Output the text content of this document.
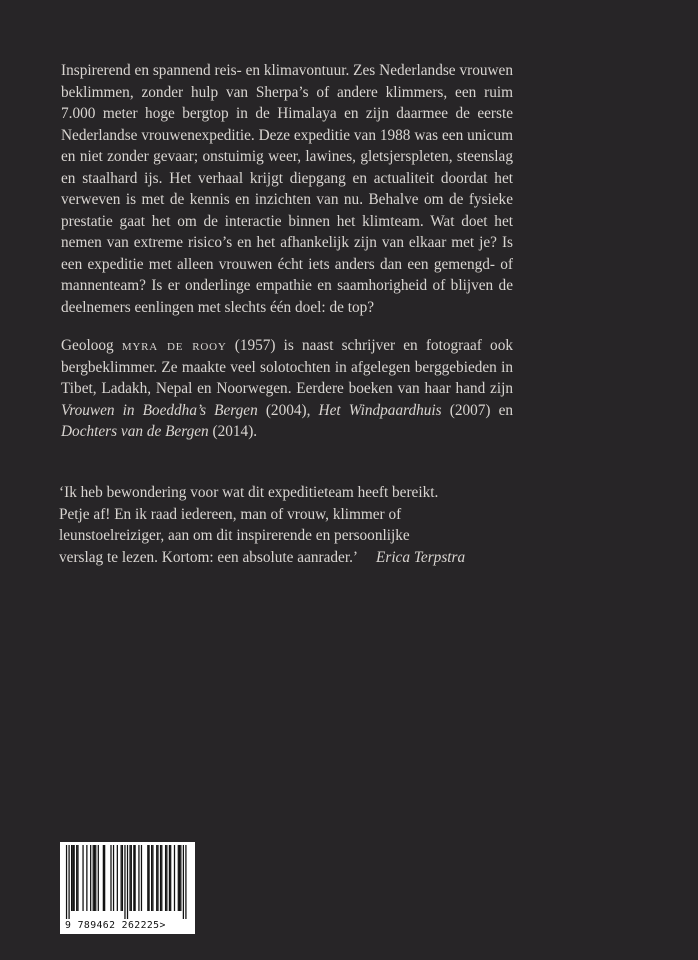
Inspirerend en spannend reis- en klimavontuur. Zes Nederlandse vrouwen beklimmen, zonder hulp van Sherpa’s of andere klimmers, een ruim 7.000 meter hoge bergtop in de Himalaya en zijn daarmee de eerste Nederlandse vrouwenexpeditie. Deze expeditie van 1988 was een unicum en niet zonder gevaar; onstuimig weer, lawines, gletsjerspleten, steenslag en staalhard ijs. Het verhaal krijgt diepgang en actualiteit doordat het verweven is met de kennis en inzichten van nu. Behalve om de fysieke prestatie gaat het om de interactie binnen het klimteam. Wat doet het nemen van extreme risico’s en het afhankelijk zijn van elkaar met je? Is een expeditie met alleen vrouwen écht iets anders dan een gemengd- of mannenteam? Is er onderlinge empathie en saamhorigheid of blijven de deelnemers eenlingen met slechts één doel: de top?

Geoloog myra de rooy (1957) is naast schrijver en fotograaf ook bergbeklimmer. Ze maakte veel solotochten in afgelegen berggebieden in Tibet, Ladakh, Nepal en Noorwegen. Eerdere boeken van haar hand zijn Vrouwen in Boeddha’s Bergen (2004), Het Windpaardhuis (2007) en Dochters van de Bergen (2014).

‘Ik heb bewondering voor wat dit expeditieteam heeft bereikt.
Petje af! En ik raad iedereen, man of vrouw, klimmer of
leunstoelreiziger, aan om dit inspirerende en persoonlijke
verslag te lezen. Kortom: een absolute aanrader.’ Erica Terpstra

9 789462 262225>
